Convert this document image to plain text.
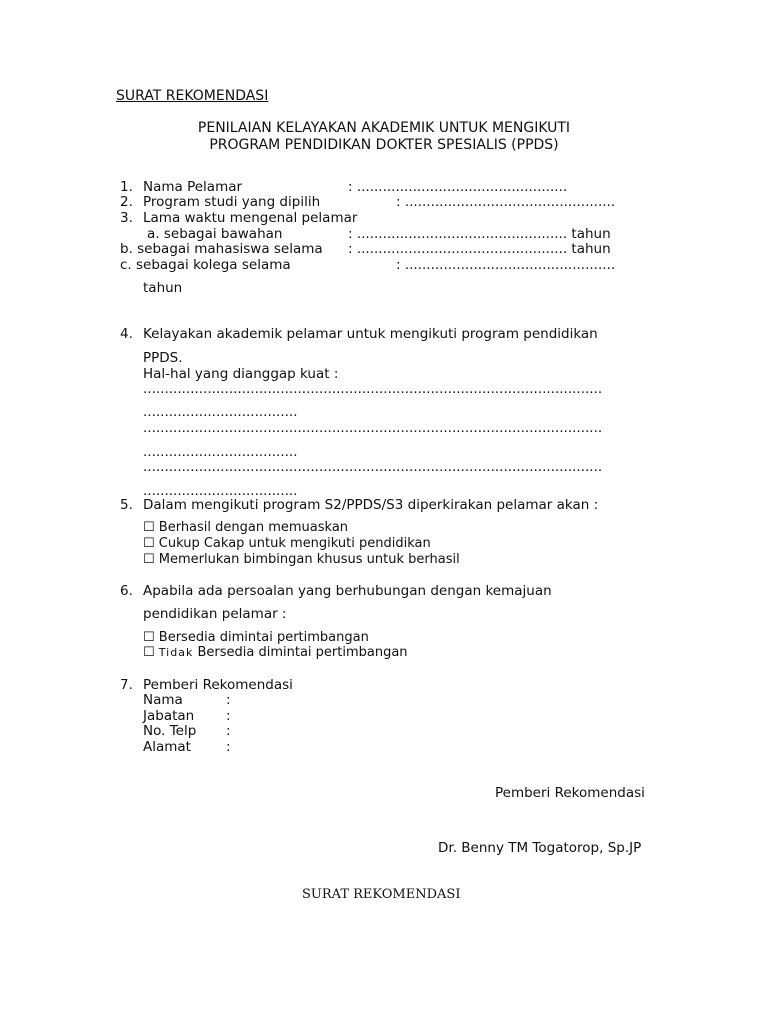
SURAT REKOMENDASI
PENILAIAN KELAYAKAN AKADEMIK UNTUK MENGIKUTI
PROGRAM PENDIDIKAN DOKTER SPESIALIS (PPDS)
1. Nama Pelamar	: .................................................
2. Program studi yang dipilih	: .................................................
3. Lama waktu mengenal pelamar
a. sebagai bawahan	: ................................................. tahun
b. sebagai mahasiswa selama : ................................................. tahun
c. sebagai kolega selama	: .................................................
tahun
4. Kelayakan akademik pelamar untuk mengikuti program pendidikan
PPDS.
Hal-hal yang dianggap kuat :
...........................................................................................................
....................................
...........................................................................................................
....................................
...........................................................................................................
....................................
5. Dalam mengikuti program S2/PPDS/S3 diperkirakan pelamar akan :
☐ Berhasil dengan memuaskan
☐ Cukup Cakap untuk mengikuti pendidikan
☐ Memerlukan bimbingan khusus untuk berhasil
6. Apabila ada persoalan yang berhubungan dengan kemajuan
pendidikan pelamar :
☐ Bersedia dimintai pertimbangan
☐ Tidak Bersedia dimintai pertimbangan
7. Pemberi Rekomendasi
Nama	:
Jabatan :
No. Telp :
Alamat	:
Pemberi Rekomendasi
Dr. Benny TM Togatorop, Sp.JP
SURAT REKOMENDASI
